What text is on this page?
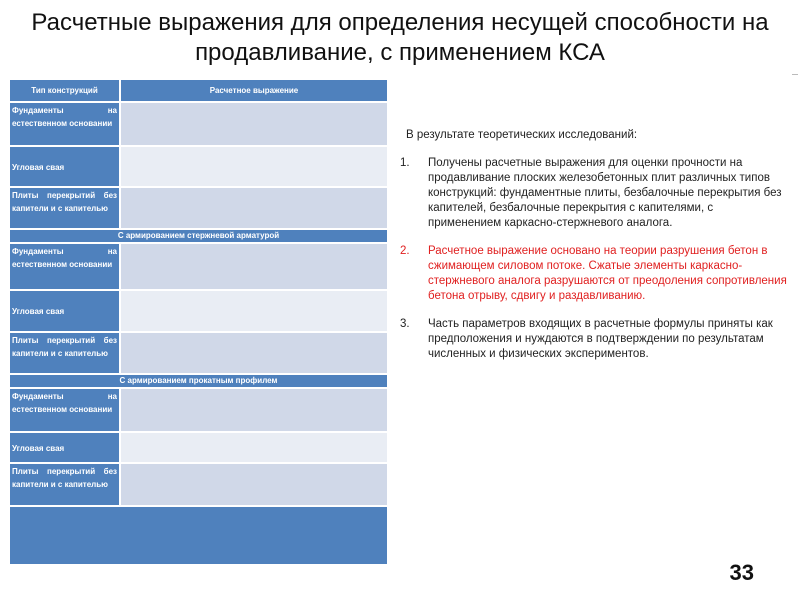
Расчетные выражения для определения несущей способности на продавливание, с применением КСА
Тип конструкций	Расчетное выражение
Фундаменты на естественном основании
Угловая свая
Плиты перекрытий без капители и с капителью
С армированием стержневой арматурой
Фундаменты на естественном основании
Угловая свая
Плиты перекрытий без капители и с капителью
С армированием прокатным профилем
Фундаменты на естественном основании
Угловая свая
Плиты перекрытий без капители и с капителью

В результате теоретических исследований:

1.	Получены расчетные выражения для оценки прочности на продавливание плоских железобетонных плит различных типов конструкций: фундаментные плиты, безбалочные перекрытия без капителей, безбалочные перекрытия с капителями, с применением каркасно-стержневого аналога.
2.	Расчетное выражение основано на теории разрушения бетон в сжимающем силовом потоке. Сжатые элементы каркасно-стержневого аналога разрушаются от преодоления сопротивления бетона отрыву, сдвигу и раздавливанию.
3.	Часть параметров входящих в расчетные формулы приняты как предположения и нуждаются в подтверждении по результатам численных и физических экспериментов.
33
